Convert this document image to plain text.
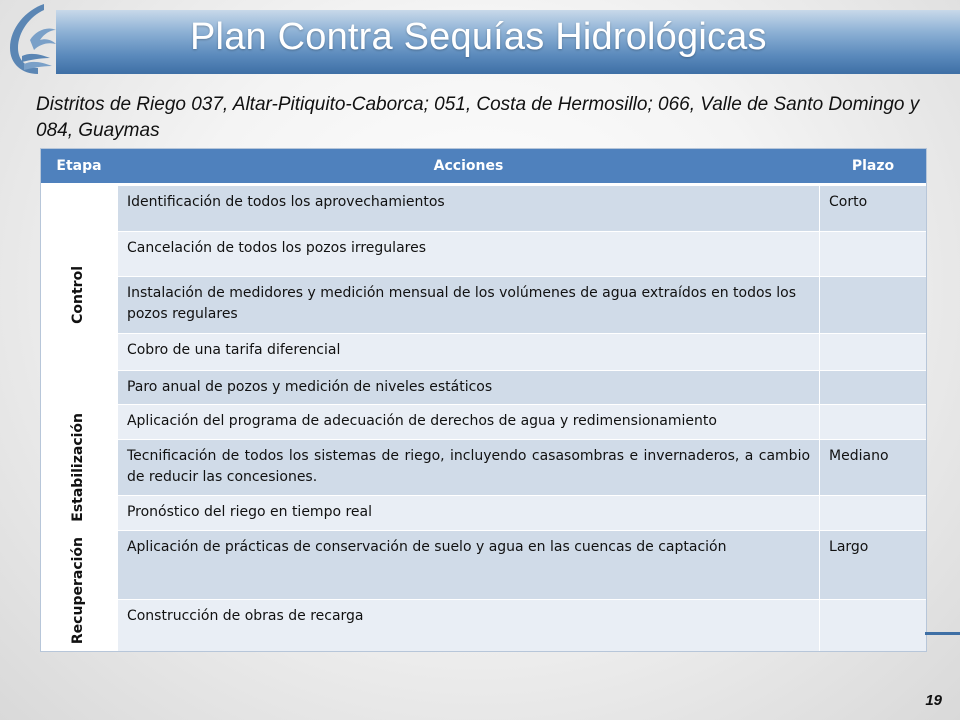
Plan Contra Sequías Hidrológicas
Distritos de Riego 037, Altar-Pitiquito-Caborca; 051, Costa de Hermosillo; 066, Valle de Santo Domingo y 084, Guaymas
Etapa	Acciones	Plazo

Control	Identificación de todos los aprovechamientos	Corto
	Cancelación de todos los pozos irregulares	
	Instalación de medidores y medición mensual de los volúmenes de agua extraídos en todos los pozos regulares	
	Cobro de una tarifa diferencial	
	Paro anual de pozos y medición de niveles estáticos	

Estabilización	Aplicación del programa de adecuación de derechos de agua y redimensionamiento	
	Tecnificación de todos los sistemas de riego, incluyendo casasombras e invernaderos, a cambio de reducir las concesiones.	Mediano
	Pronóstico del riego en tiempo real	

Recuperación	Aplicación de prácticas de conservación de suelo y agua en las cuencas de captación	Largo
	Construcción de obras de recarga	
19
